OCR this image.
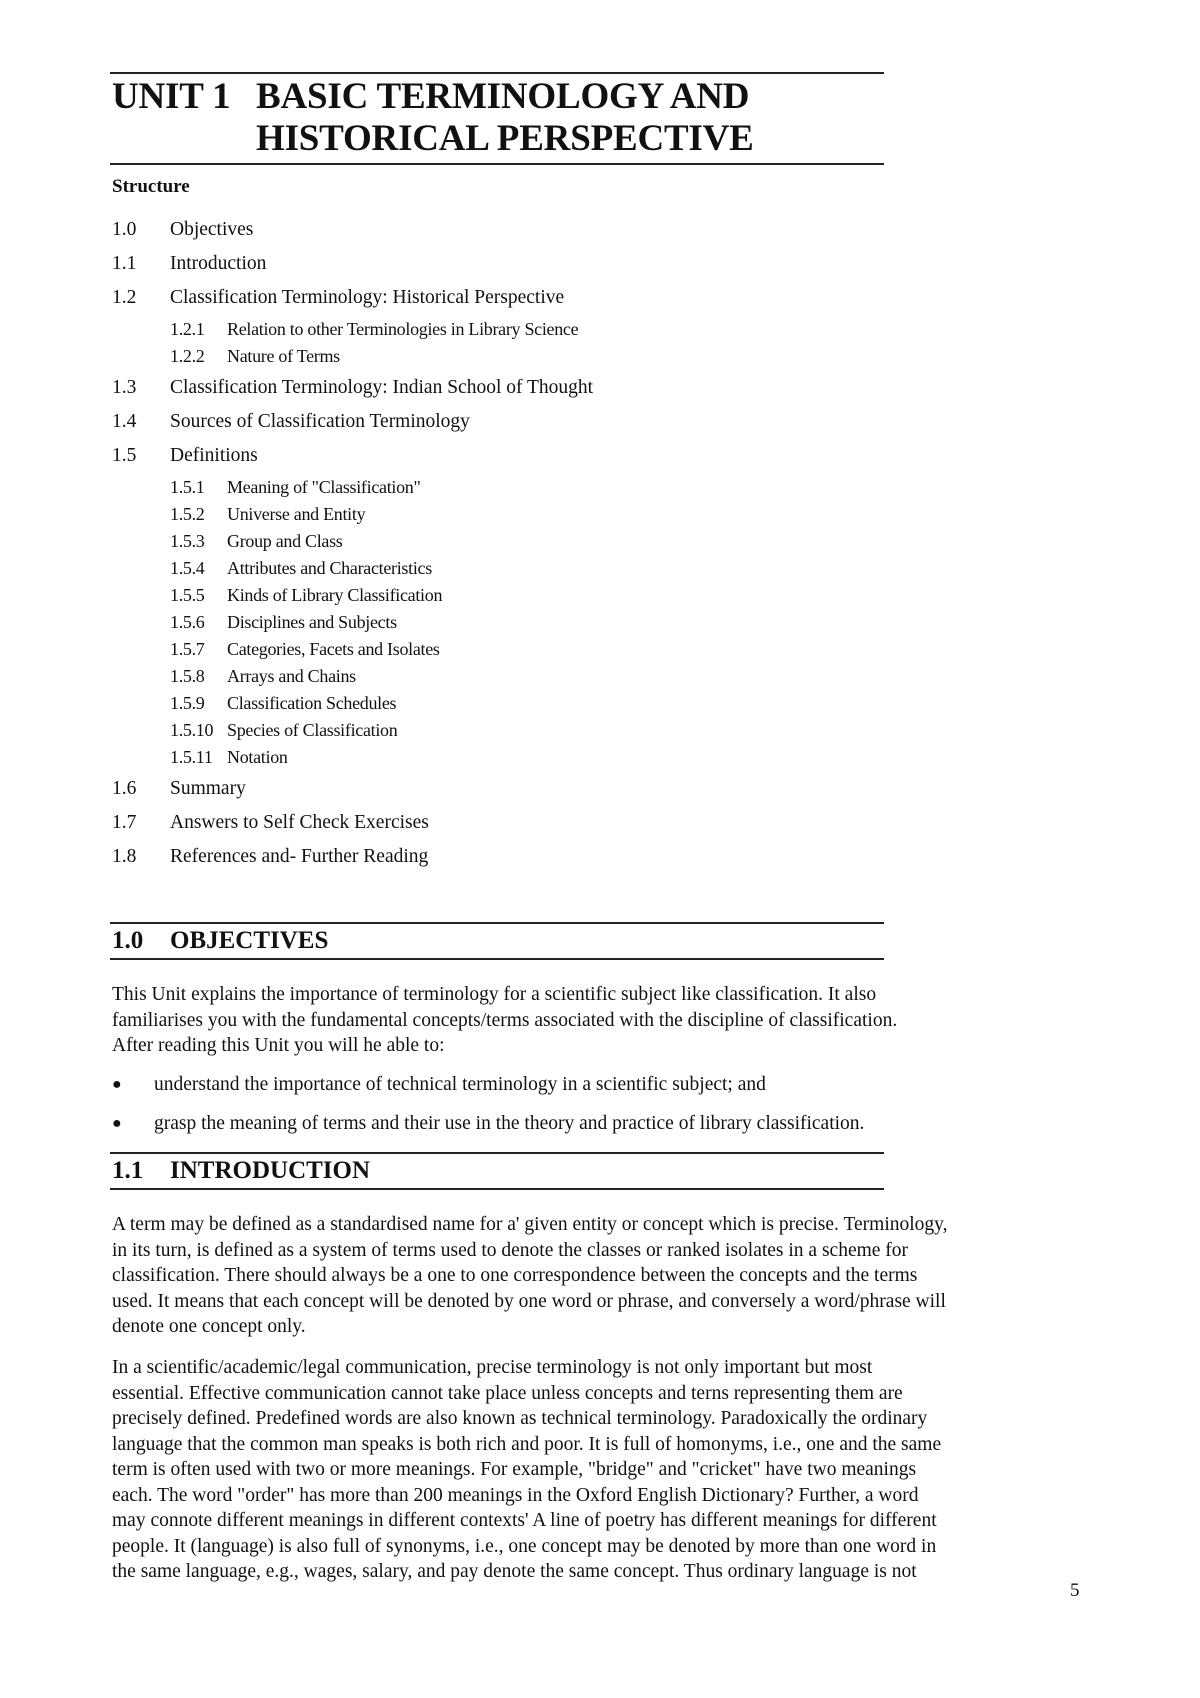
UNIT 1 BASIC TERMINOLOGY AND
HISTORICAL PERSPECTIVE
Structure
1.0	Objectives
1.1	Introduction
1.2	Classification Terminology: Historical Perspective
1.2.1	Relation to other Terminologies in Library Science
1.2.2	Nature of Terms
1.3	Classification Terminology: Indian School of Thought
1.4	Sources of Classification Terminology
1.5	Definitions
1.5.1	Meaning of "Classification"
1.5.2	Universe and Entity
1.5.3	Group and Class
1.5.4	Attributes and Characteristics
1.5.5	Kinds of Library Classification
1.5.6	Disciplines and Subjects
1.5.7	Categories, Facets and Isolates
1.5.8	Arrays and Chains
1.5.9	Classification Schedules
1.5.10 Species of Classification
1.5.11 Notation
1.6	Summary
1.7	Answers to Self Check Exercises
1.8	References and- Further Reading
1.0 OBJECTIVES
This Unit explains the importance of terminology for a scientific subject like classification. It also familiarises you with the fundamental concepts/terms associated with the discipline of classification. After reading this Unit you will he able to:
●	understand the importance of technical terminology in a scientific subject; and
●	grasp the meaning of terms and their use in the theory and practice of library classification.
1.1 INTRODUCTION
A term may be defined as a standardised name for a' given entity or concept which is precise. Terminology, in its turn, is defined as a system of terms used to denote the classes or ranked isolates in a scheme for classification. There should always be a one to one correspondence between the concepts and the terms used. It means that each concept will be denoted by one word or phrase, and conversely a word/phrase will denote one concept only.
In a scientific/academic/legal communication, precise terminology is not only important but most essential. Effective communication cannot take place unless concepts and terns representing them are precisely defined. Predefined words are also known as technical terminology. Paradoxically the ordinary language that the common man speaks is both rich and poor. It is full of homonyms, i.e., one and the same term is often used with two or more meanings. For example, "bridge" and "cricket" have two meanings each. The word "order" has more than 200 meanings in the Oxford English Dictionary? Further, a word may connote different meanings in different contexts' A line of poetry has different meanings for different people. It (language) is also full of synonyms, i.e., one concept may be denoted by more than one word in the same language, e.g., wages, salary, and pay denote the same concept. Thus ordinary language is not
5
